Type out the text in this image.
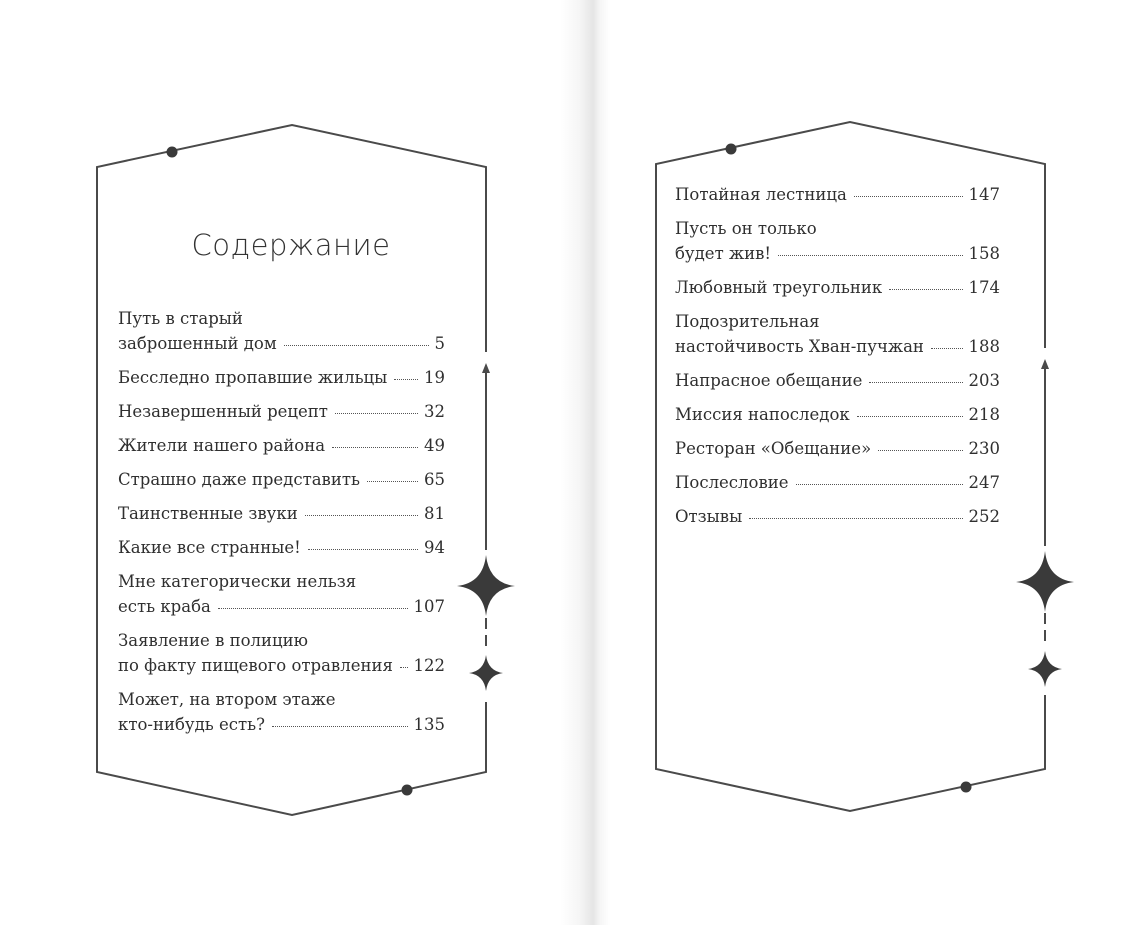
Содержание
Путь в старый
заброшенный дом	5
Бесследно пропавшие жильцы 19
Незавершенный рецепт	32
Жители нашего района	49
Страшно даже представить	65
Таинственные звуки	81
Какие все странные!	94
Мне категорически нельзя
есть краба	107
Заявление в полицию
по факту пищевого отравления 122
Может, на втором этаже
кто-нибудь есть?	135
Потайная лестница	147
Пусть он только
будет жив!	158
Любовный треугольник	174
Подозрительная
настойчивость Хван-пучжан	188
Напрасное обещание	203
Миссия напоследок	218
Ресторан «Обещание»	230
Послесловие	247
Отзывы	252
